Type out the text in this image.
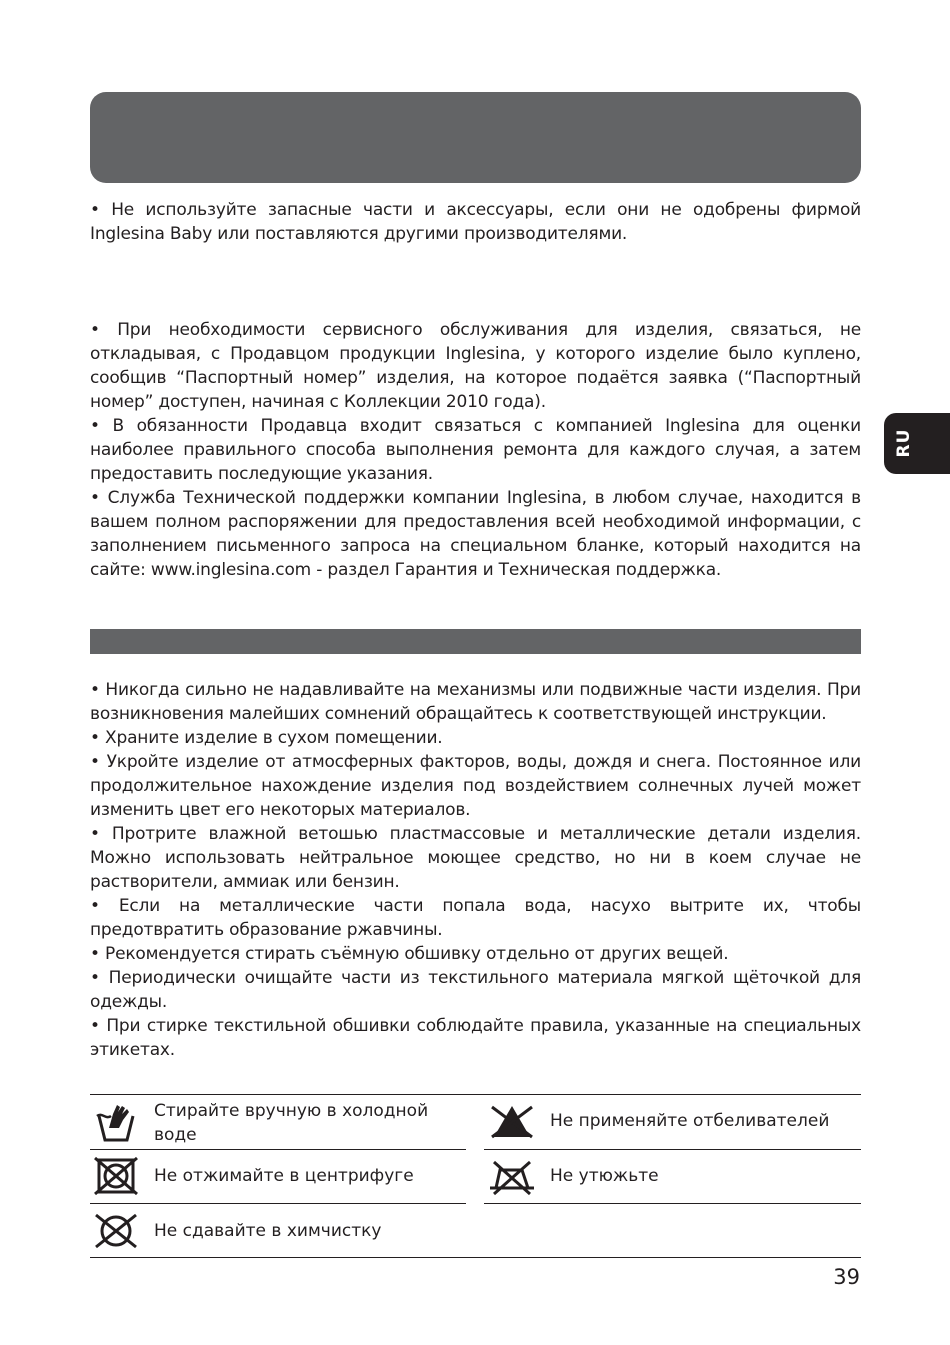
RU

• Не используйте запасные части и аксессуары, если они не одобрены фирмой Inglesina Baby или поставляются другими производителями.

• При необходимости сервисного обслуживания для изделия, связаться, не откладывая, с Продавцом продукции Inglesina, у которого изделие было куплено, сообщив “Паспортный номер” изделия, на которое подаётся заявка (“Паспортный номер” доступен, начиная с Коллекции 2010 года).

• В обязанности Продавца входит связаться с компанией Inglesina для оценки наиболее правильного способа выполнения ремонта для каждого случая, а затем предоставить последующие указания.

• Служба Технической поддержки компании Inglesina, в любом случае, находится в вашем полном распоряжении для предоставления всей необходимой информации, с заполнением письменного запроса на специальном бланке, который находится на сайте: www.inglesina.com - раздел Гарантия и Техническая поддержка.

• Никогда сильно не надавливайте на механизмы или подвижные части изделия. При возникновения малейших сомнений обращайтесь к соответствующей инструкции.

• Храните изделие в сухом помещении.

• Укройте изделие от атмосферных факторов, воды, дождя и снега. Постоянное или продолжительное нахождение изделия под воздействием солнечных лучей может изменить цвет его некоторых материалов.

• Протрите влажной ветошью пластмассовые и металлические детали изделия. Можно использовать нейтральное моющее средство, но ни в коем случае не растворители, аммиак или бензин.

• Если на металлические части попала вода, насухо вытрите их, чтобы предотвратить образование ржавчины.

• Рекомендуется стирать съёмную обшивку отдельно от других вещей.

• Периодически очищайте части из текстильного материала мягкой щёточкой для одежды.

• При стирке текстильной обшивки соблюдайте правила, указанные на специальных этикетах.

Стирайте вручную в холодной воде
Не применяйте отбеливателей
Не отжимайте в центрифуге	Не утюжьте
Не сдавайте в химчистку
39
